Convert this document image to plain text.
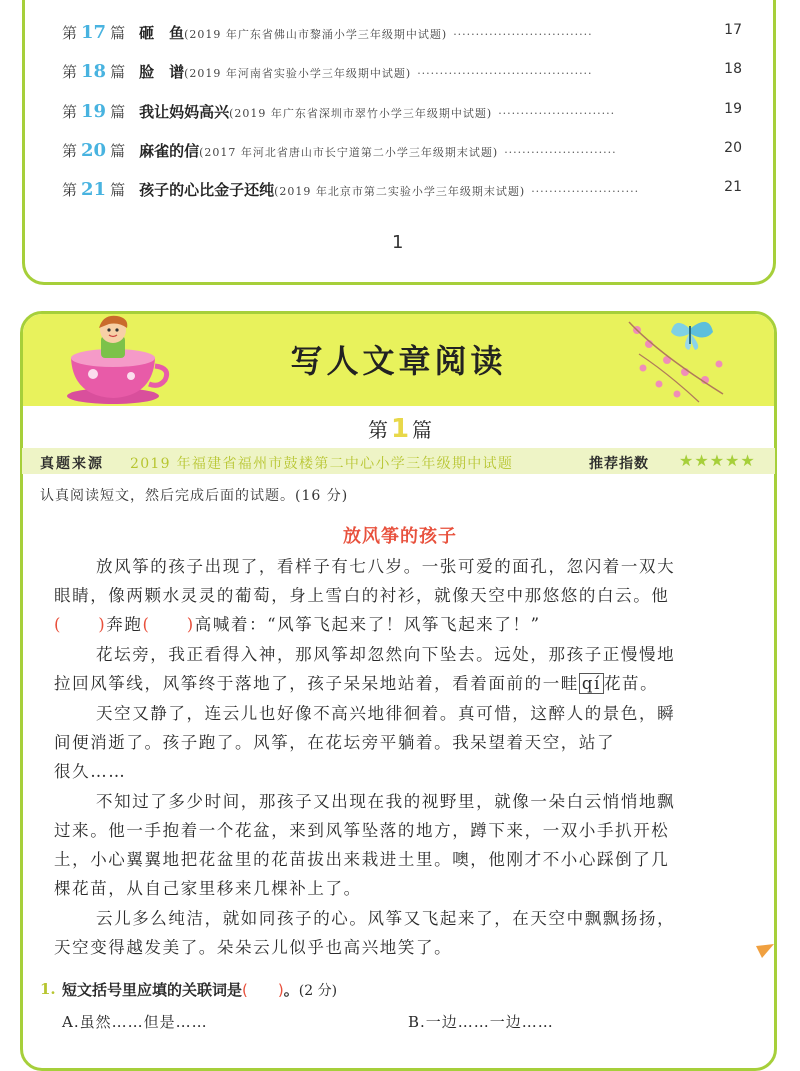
第 17 篇 砸　鱼(2019 年广东省佛山市黎涌小学三年级期中试题) ·······························	17
第 18 篇 脸　谱(2019 年河南省实验小学三年级期中试题) ·······································	18
第 19 篇 我让妈妈高兴(2019 年广东省深圳市翠竹小学三年级期中试题) ··························	19
第 20 篇 麻雀的信(2017 年河北省唐山市长宁道第二小学三年级期末试题) ·························	20
第 21 篇 孩子的心比金子还纯(2019 年北京市第二实验小学三年级期末试题) ························	21
1
写人文章阅读
第 1 篇
真题来源 2019 年福建省福州市鼓楼第二中心小学三年级期中试题	推荐指数 ★★★★★
认真阅读短文，然后完成后面的试题。(16 分)
放风筝的孩子
放风筝的孩子出现了，看样子有七八岁。一张可爱的面孔，忽闪着一双大
眼睛，像两颗水灵灵的葡萄，身上雪白的衬衫，就像天空中那悠悠的白云。他
(　　)奔跑(　　)高喊着：“风筝飞起来了！风筝飞起来了！”
花坛旁，我正看得入神，那风筝却忽然向下坠去。远处，那孩子正慢慢地
拉回风筝线，风筝终于落地了，孩子呆呆地站着，看着面前的一畦 qí 花苗。
天空又静了，连云儿也好像不高兴地徘徊着。真可惜，这醉人的景色，瞬
间便消逝了。孩子跑了。风筝，在花坛旁平躺着。我呆望着天空，站了
很久……
不知过了多少时间，那孩子又出现在我的视野里，就像一朵白云悄悄地飘
过来。他一手抱着一个花盆，来到风筝坠落的地方，蹲下来，一双小手扒开松
土，小心翼翼地把花盆里的花苗拔出来栽进土里。噢，他刚才不小心踩倒了几
棵花苗，从自己家里移来几棵补上了。
云儿多么纯洁，就如同孩子的心。风筝又飞起来了，在天空中飘飘扬扬，
天空变得越发美了。朵朵云儿似乎也高兴地笑了。
1. 短文括号里应填的关联词是(　　)。(2 分)
A.虽然……但是……	B.一边……一边……
